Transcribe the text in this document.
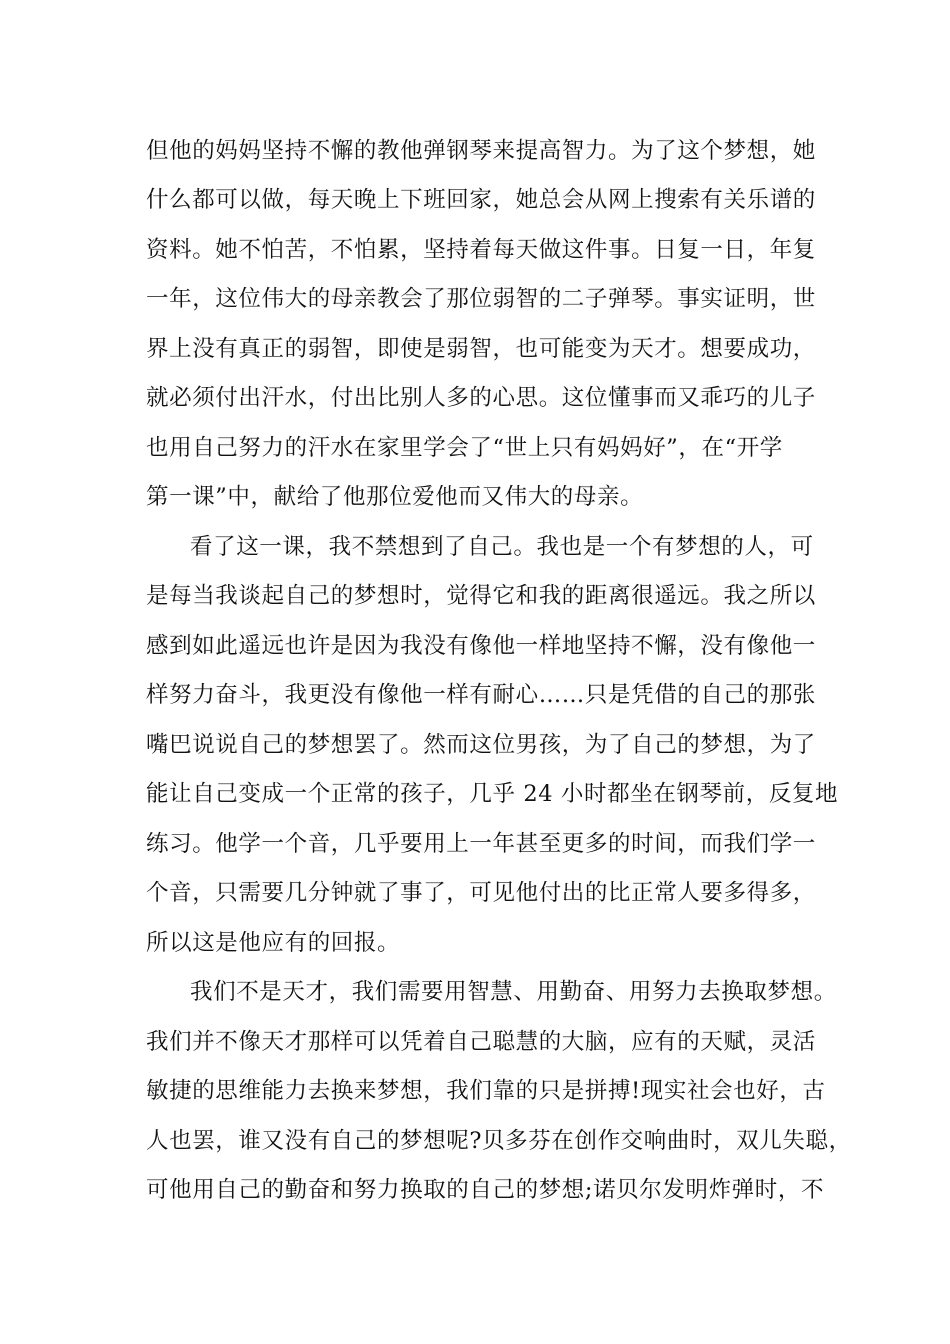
但他的妈妈坚持不懈的教他弹钢琴来提高智力。为了这个梦想，她
什么都可以做，每天晚上下班回家，她总会从网上搜索有关乐谱的
资料。她不怕苦，不怕累，坚持着每天做这件事。日复一日，年复
一年，这位伟大的母亲教会了那位弱智的二子弹琴。事实证明，世
界上没有真正的弱智，即使是弱智，也可能变为天才。想要成功，
就必须付出汗水，付出比别人多的心思。这位懂事而又乖巧的儿子
也用自己努力的汗水在家里学会了“世上只有妈妈好”，在“开学
第一课”中，献给了他那位爱他而又伟大的母亲。
看了这一课，我不禁想到了自己。我也是一个有梦想的人，可
是每当我谈起自己的梦想时，觉得它和我的距离很遥远。我之所以
感到如此遥远也许是因为我没有像他一样地坚持不懈，没有像他一
样努力奋斗，我更没有像他一样有耐心……只是凭借的自己的那张
嘴巴说说自己的梦想罢了。然而这位男孩，为了自己的梦想，为了
能让自己变成一个正常的孩子，几乎 24 小时都坐在钢琴前，反复地
练习。他学一个音，几乎要用上一年甚至更多的时间，而我们学一
个音，只需要几分钟就了事了，可见他付出的比正常人要多得多，
所以这是他应有的回报。
我们不是天才，我们需要用智慧、用勤奋、用努力去换取梦想。
我们并不像天才那样可以凭着自己聪慧的大脑，应有的天赋，灵活
敏捷的思维能力去换来梦想，我们靠的只是拼搏!现实社会也好，古
人也罢，谁又没有自己的梦想呢?贝多芬在创作交响曲时，双儿失聪，
可他用自己的勤奋和努力换取的自己的梦想;诺贝尔发明炸弹时，不
